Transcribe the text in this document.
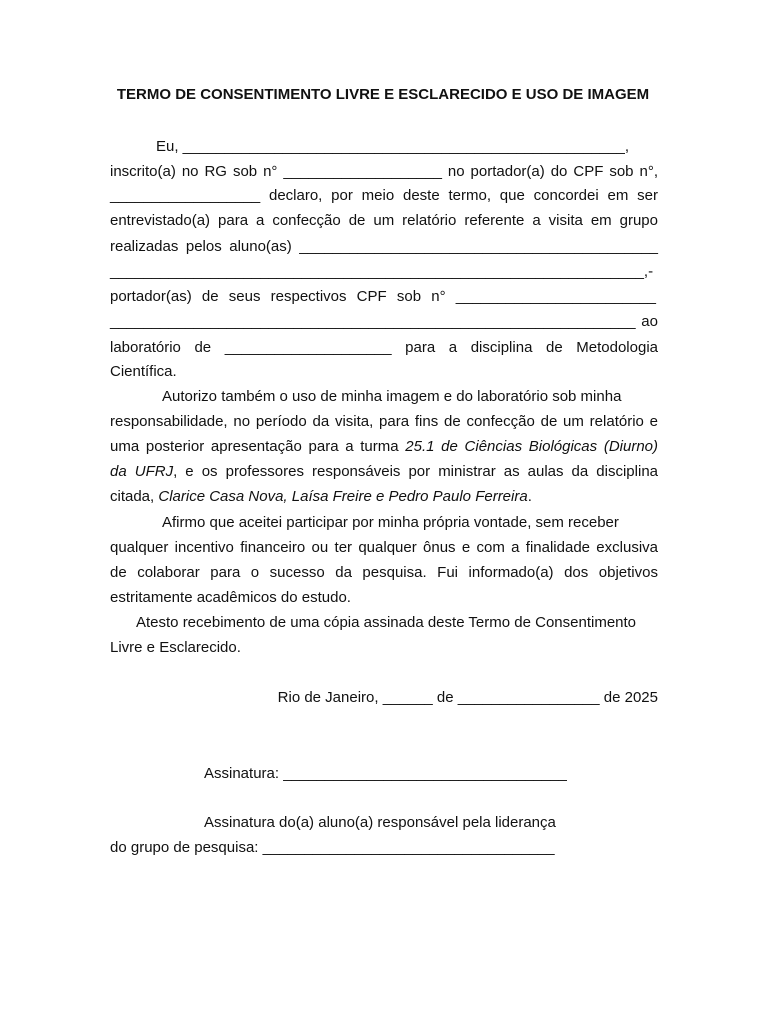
TERMO DE CONSENTIMENTO LIVRE E ESCLARECIDO E USO DE IMAGEM
Eu, _____________________________________________________,
inscrito(a) no RG sob n° ___________________ no portador(a) do CPF sob n°,
__________________ declaro, por meio deste termo, que concordei em ser
entrevistado(a) para a confecção de um relatório referente a visita em grupo
realizadas pelos aluno(as) ___________________________________________
________________________________________________________________,-
portador(as) de seus respectivos CPF sob n° ________________________
_______________________________________________________________ ao
laboratório de ____________________ para a disciplina de Metodologia
Científica.
Autorizo também o uso de minha imagem e do laboratório sob minha
responsabilidade, no período da visita, para fins de confecção de um relatório e
uma posterior apresentação para a turma 25.1 de Ciências Biológicas (Diurno)
da UFRJ, e os professores responsáveis por ministrar as aulas da disciplina
citada, Clarice Casa Nova, Laísa Freire e Pedro Paulo Ferreira.
Afirmo que aceitei participar por minha própria vontade, sem receber
qualquer incentivo financeiro ou ter qualquer ônus e com a finalidade exclusiva
de colaborar para o sucesso da pesquisa. Fui informado(a) dos objetivos
estritamente acadêmicos do estudo.
Atesto recebimento de uma cópia assinada deste Termo de Consentimento
Livre e Esclarecido.
Rio de Janeiro, ______ de _________________ de 2025
Assinatura: __________________________________
Assinatura do(a) aluno(a) responsável pela liderança
do grupo de pesquisa: ___________________________________
